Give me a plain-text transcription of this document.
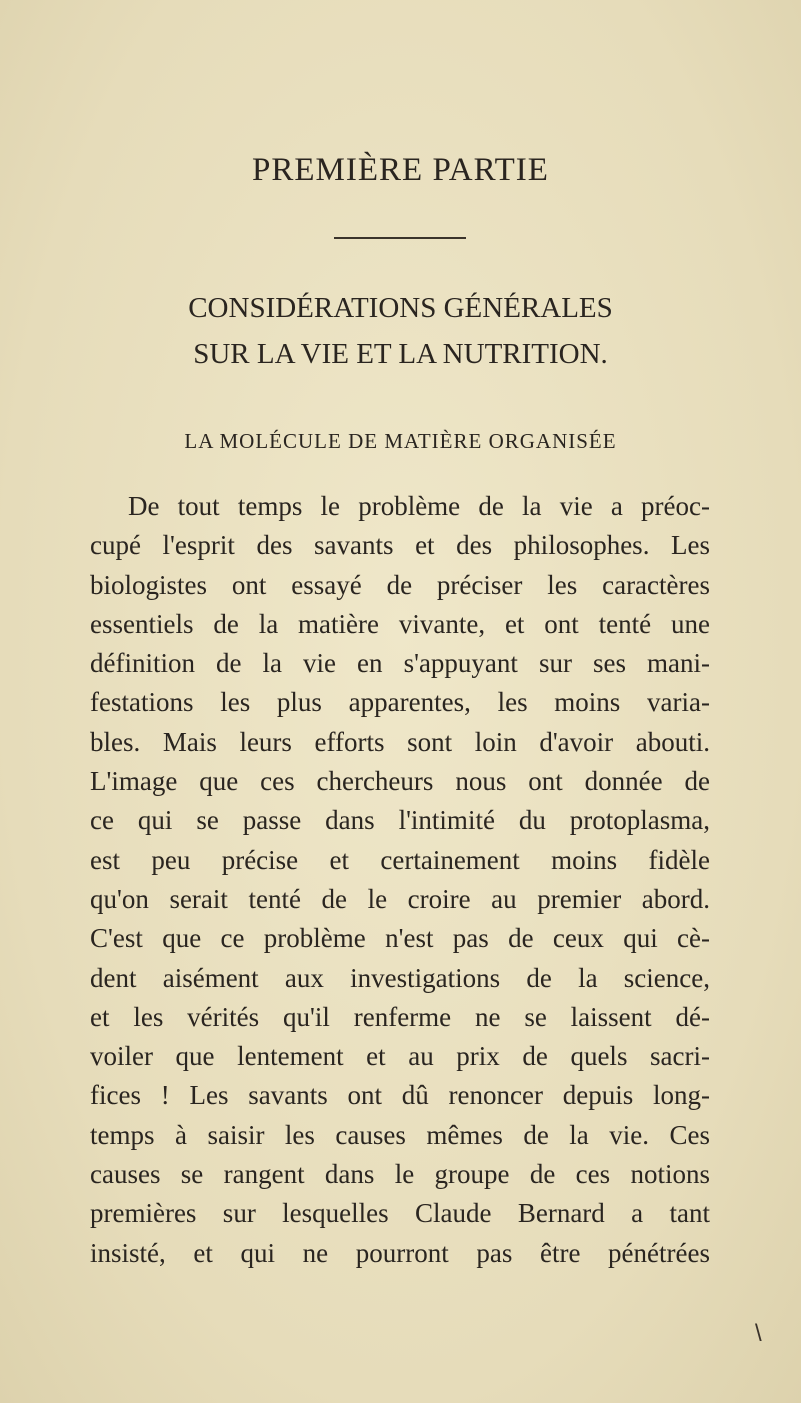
PREMIÈRE PARTIE
CONSIDÉRATIONS GÉNÉRALES
SUR LA VIE ET LA NUTRITION.
LA MOLÉCULE DE MATIÈRE ORGANISÉE
De tout temps le problème de la vie a préoc-
cupé l'esprit des savants et des philosophes. Les
biologistes ont essayé de préciser les caractères
essentiels de la matière vivante, et ont tenté une
définition de la vie en s'appuyant sur ses mani-
festations les plus apparentes, les moins varia-
bles. Mais leurs efforts sont loin d'avoir abouti.
L'image que ces chercheurs nous ont donnée de
ce qui se passe dans l'intimité du protoplasma,
est peu précise et certainement moins fidèle
qu'on serait tenté de le croire au premier abord.
C'est que ce problème n'est pas de ceux qui cè-
dent aisément aux investigations de la science,
et les vérités qu'il renferme ne se laissent dé-
voiler que lentement et au prix de quels sacri-
fices ! Les savants ont dû renoncer depuis long-
temps à saisir les causes mêmes de la vie. Ces
causes se rangent dans le groupe de ces notions
premières sur lesquelles Claude Bernard a tant
insisté, et qui ne pourront pas être pénétrées
\
